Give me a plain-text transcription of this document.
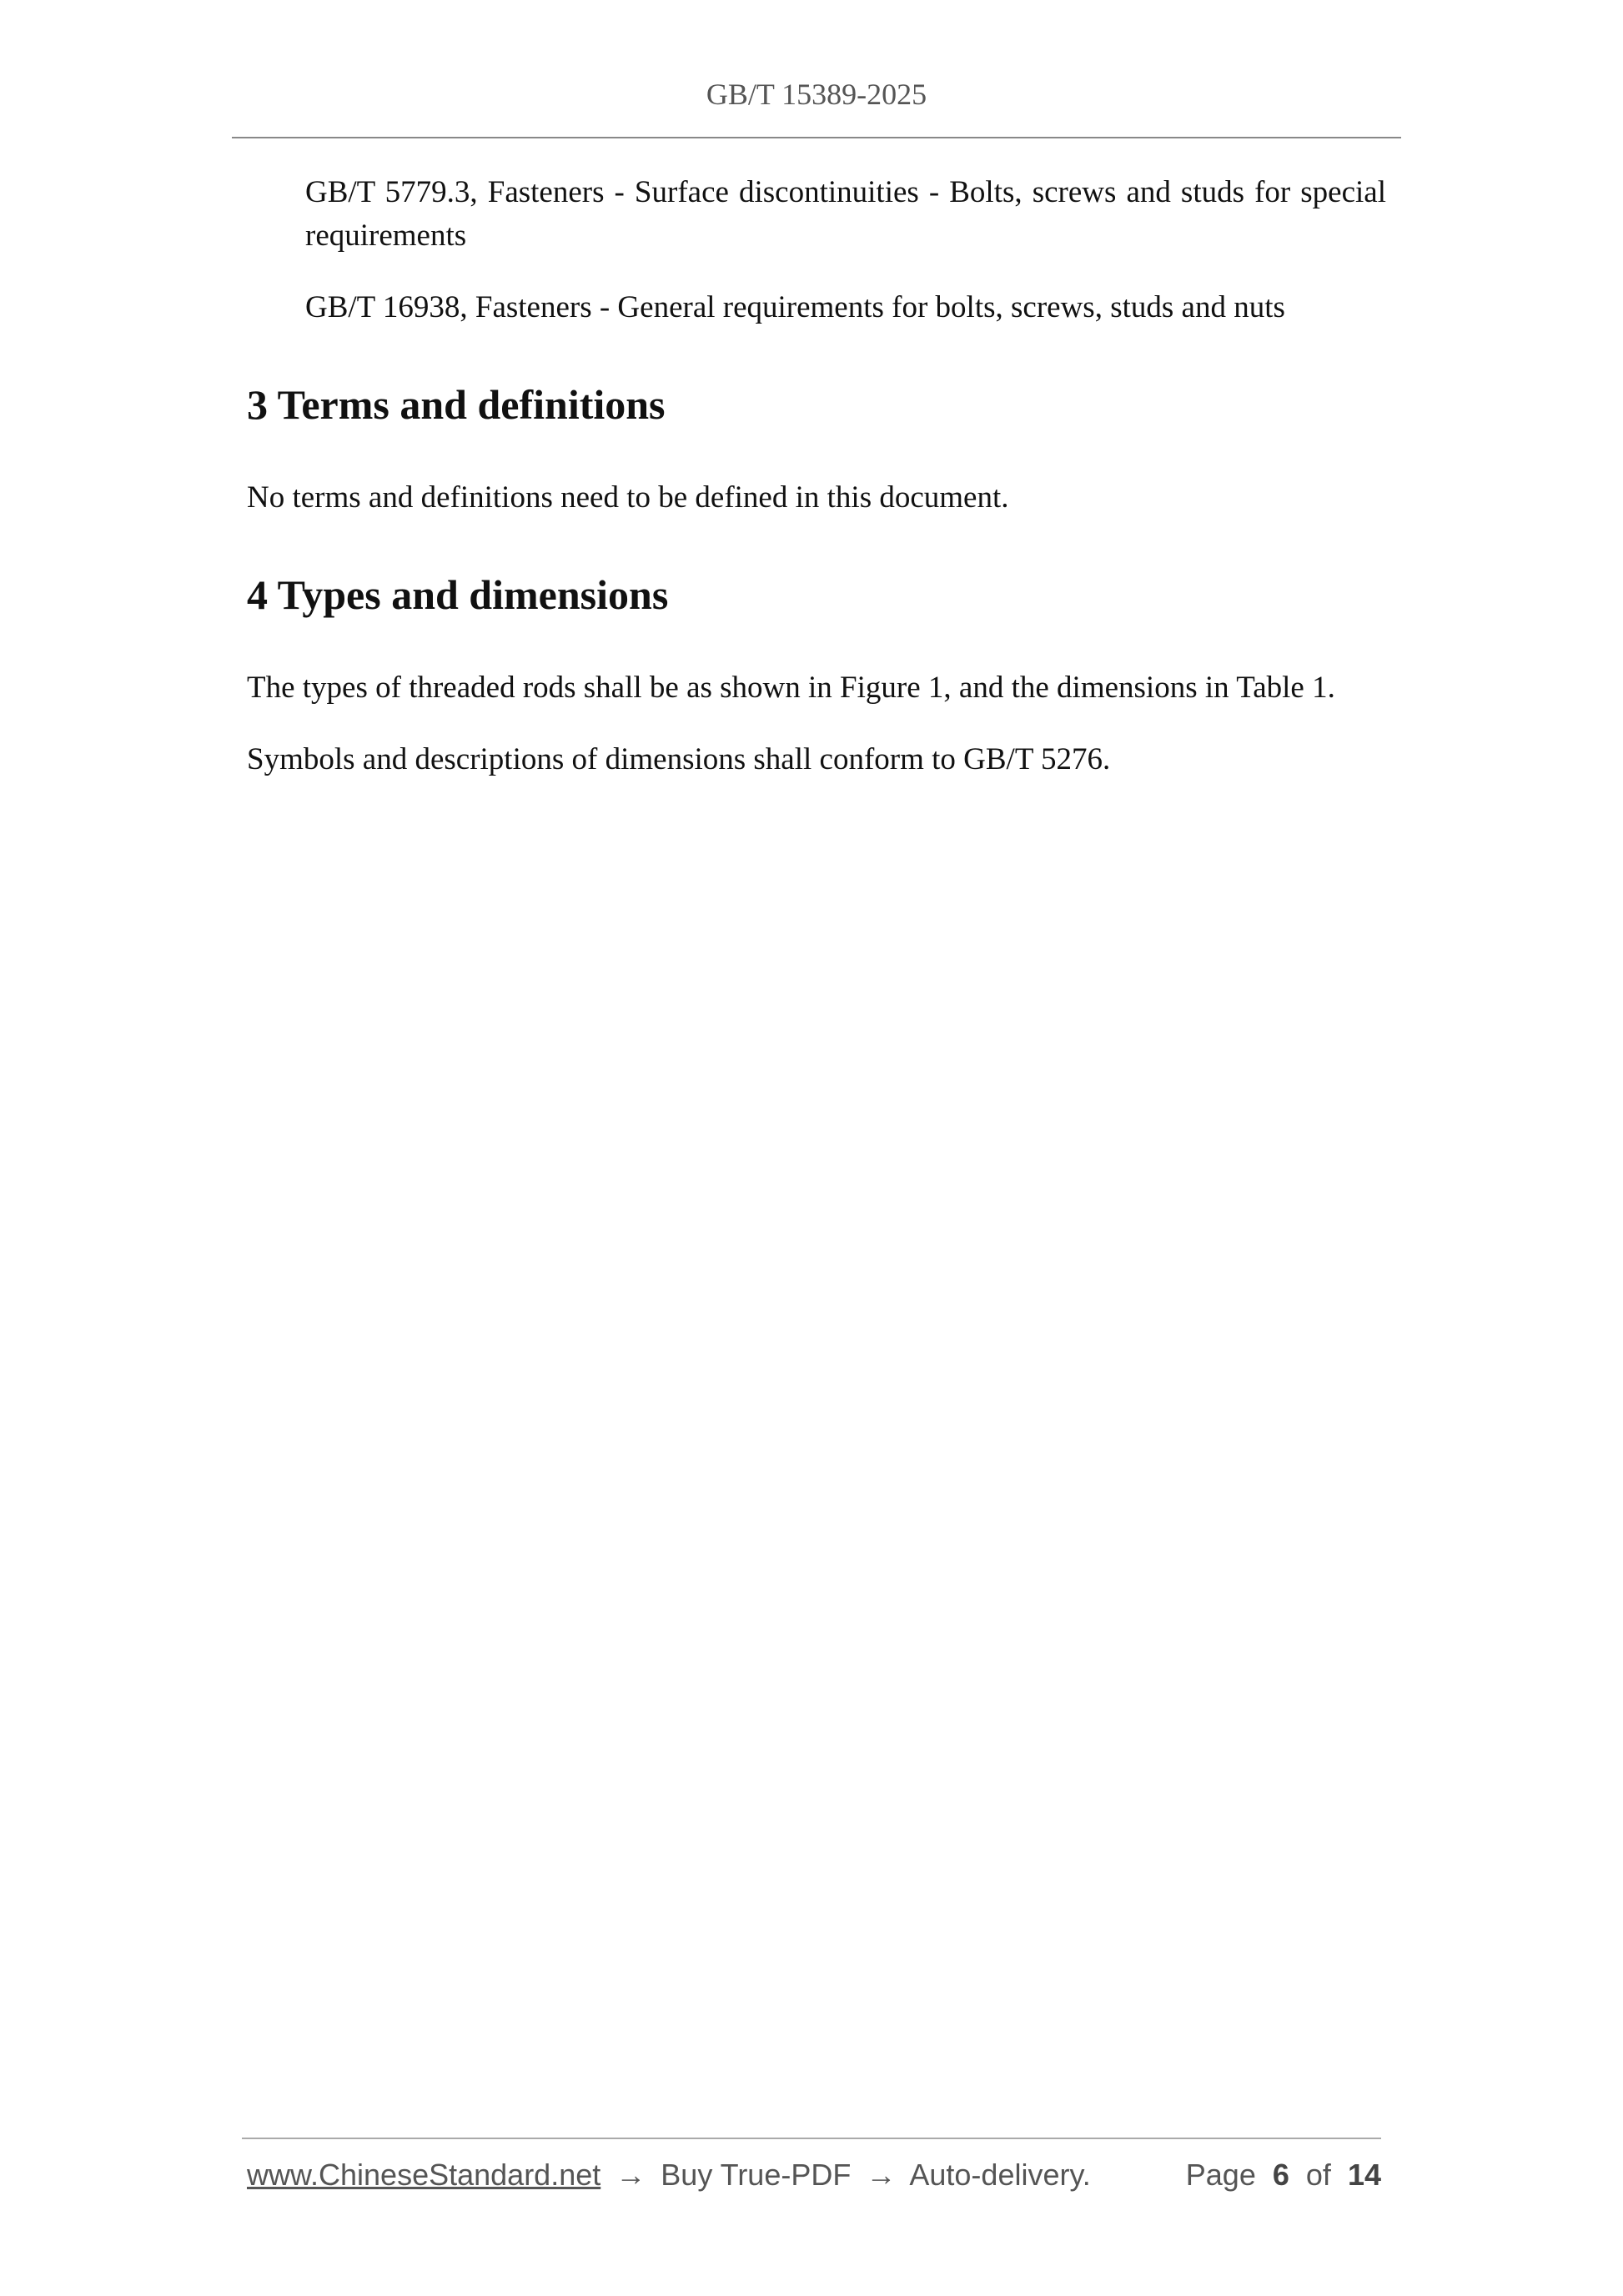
GB/T 15389-2025

GB/T 5779.3, Fasteners - Surface discontinuities - Bolts, screws and studs for special requirements

GB/T 16938, Fasteners - General requirements for bolts, screws, studs and nuts

3 Terms and definitions

No terms and definitions need to be defined in this document.

4 Types and dimensions

The types of threaded rods shall be as shown in Figure 1, and the dimensions in Table 1.

Symbols and descriptions of dimensions shall conform to GB/T 5276.

www.ChineseStandard.net → Buy True-PDF → Auto-delivery.	Page 6 of 14
